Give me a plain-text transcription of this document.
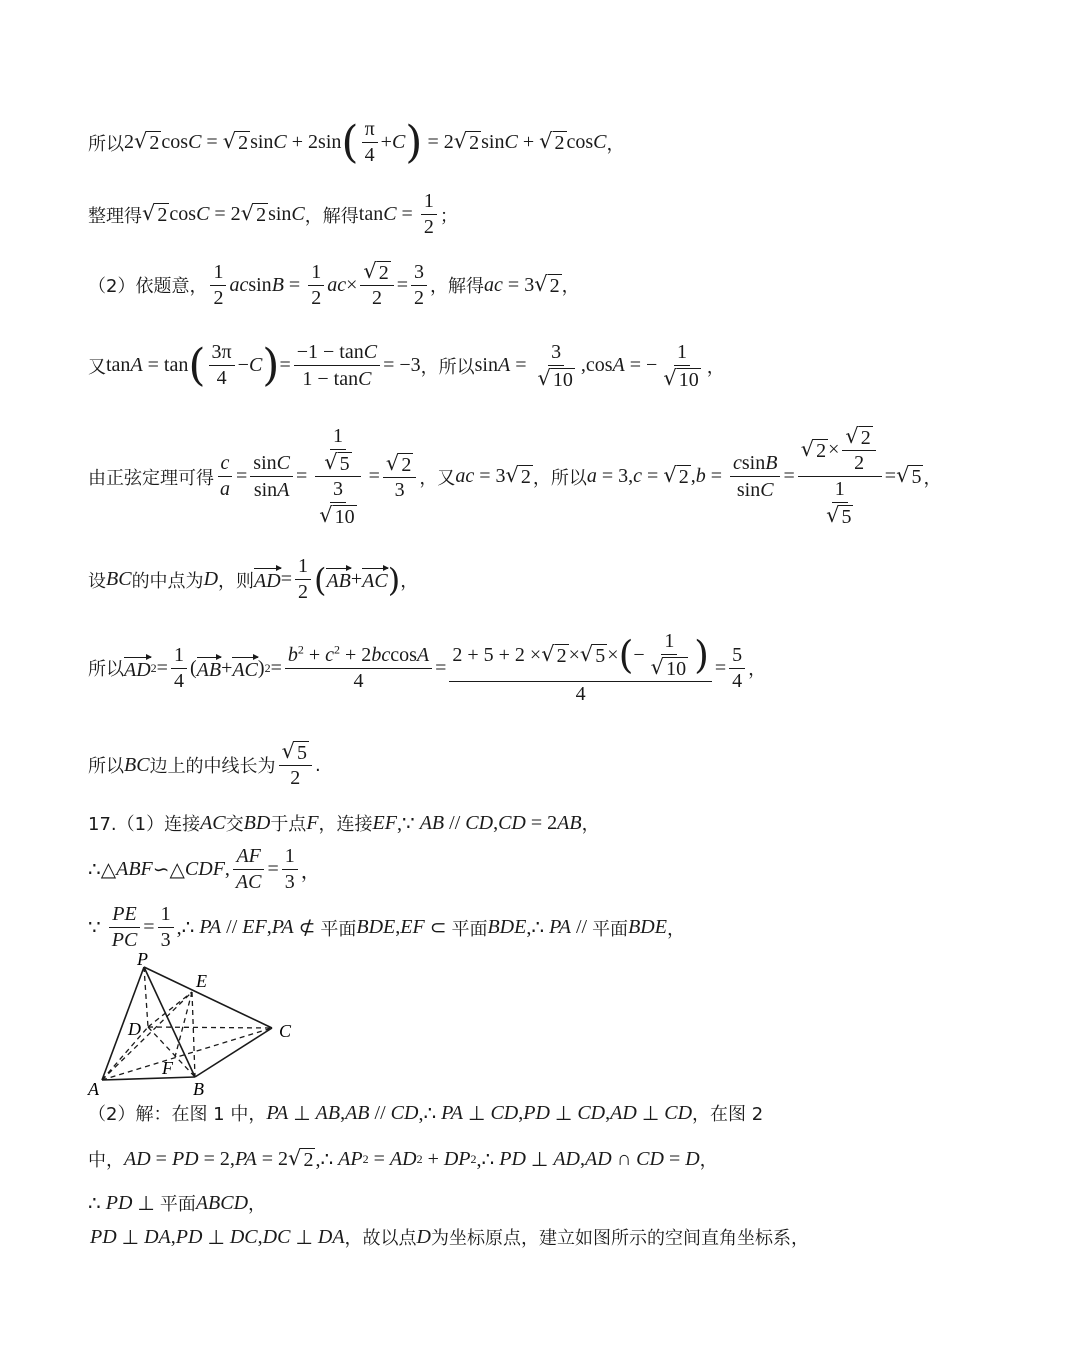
所以 2 √ 2 cos C = √ 2 sin C + 2sin ( $\frac{\pi}{4} + C$ ) = 2 √ 2 sin C + √ 2 cos C ，
整理得 √ 2 cos C = 2 √ 2 sin C ，解得 $\tan C = \frac{1}{2}$ ；
（2）依题意， $\frac{1}{2}$ ac $\sin B = \frac{1}{2}$ ac × $\frac{√ 2}{2} = \frac{3}{2}$ ，解得 ac = 3 √ 2 ，
又 tan A = tan ( $\frac{3\pi}{4} - C$ ) = $\frac{-1 - \tan C}{1 - \tan C} = -3$ ，所以 $\sin A = \frac{3}{√ 10} ,\cos$ A = − $\frac{1}{√ 10}$ ，
由正弦定理可得 $\frac{c}{a} = \frac{\sin C}{\sin A} = \frac{\frac{1}{√ 5}}{\frac{3}{√ 10}} = \frac{√ 2}{3}$ ，又 ac = 3 √ 2 ，所以 a = 3, c = √ 2 , $b = \frac{csinB}{\sin C} = \frac{√ 2 \times \frac{√ 2}{2}}{\frac{1}{√ 5}}$ = √ 5 ，
设 BC 的中点为 D ，则 AD = $\frac{1}{2}$ ( AB + AC ) ，
所以 AD $2 = \frac{1}{4}$ ( AB + AC ) $2 = \frac{b^2 + c^2 + 2bccosA}{4} = \frac{2 + 5 + 2 \times √ 2 \times √ 5 \times ( - \frac{1}{√ 10} )}{4} = \frac{5}{4}$ ，
所以 BC 边上的中线长为 $\frac{√ 5}{2}$ .
17.（1）连接 AC 交 BD 于点 F ，连接 EF ,∵ AB // CD , CD = 2 AB ，
∴△ ABF ∽△ CDF , $\frac{AF}{AC} = \frac{1}{3}$ ，
∵ $\frac{PE}{PC} = \frac{1}{3}$ ,∴ PA // EF , PA ⊄ 平面 BDE , EF ⊂ 平面 BDE ,∴ PA // 平面 BDE ，
P
E
D	C
F
A	B
（2）解：在图 1 中， PA ⊥ AB , AB // CD ,∴ PA ⊥ CD , PD ⊥ CD , AD ⊥ CD ，在图 2
中， AD = PD = 2, PA = 2 √ 2 ,∴ AP 2 = AD 2 + DP 2 ,∴ PD ⊥ AD , AD ∩ CD = D ，
∴ PD ⊥ 平面 ABCD ，
PD ⊥ DA , PD ⊥ DC , DC ⊥ DA ，故以点 D 为坐标原点，建立如图所示的空间直角坐标系，
